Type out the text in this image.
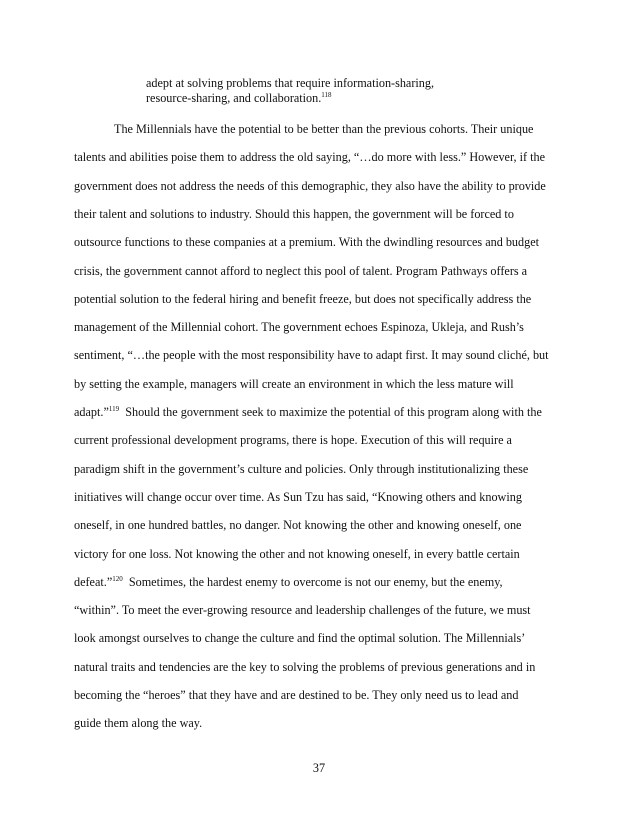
adept at solving problems that require information-sharing,
resource-sharing, and collaboration.$^{118}$
The Millennials have the potential to be better than the previous cohorts. Their unique
talents and abilities poise them to address the old saying, “…do more with less.” However, if the
government does not address the needs of this demographic, they also have the ability to provide
their talent and solutions to industry. Should this happen, the government will be forced to
outsource functions to these companies at a premium. With the dwindling resources and budget
crisis, the government cannot afford to neglect this pool of talent. Program Pathways offers a
potential solution to the federal hiring and benefit freeze, but does not specifically address the
management of the Millennial cohort. The government echoes Espinoza, Ukleja, and Rush’s
sentiment, “…the people with the most responsibility have to adapt first. It may sound cliché, but
by setting the example, managers will create an environment in which the less mature will
adapt.”$^{119}$  Should the government seek to maximize the potential of this program along with the
current professional development programs, there is hope. Execution of this will require a
paradigm shift in the government’s culture and policies. Only through institutionalizing these
initiatives will change occur over time. As Sun Tzu has said, “Knowing others and knowing
oneself, in one hundred battles, no danger. Not knowing the other and knowing oneself, one
victory for one loss. Not knowing the other and not knowing oneself, in every battle certain
defeat.”$^{120}$  Sometimes, the hardest enemy to overcome is not our enemy, but the enemy,
“within”. To meet the ever-growing resource and leadership challenges of the future, we must
look amongst ourselves to change the culture and find the optimal solution. The Millennials’
natural traits and tendencies are the key to solving the problems of previous generations and in
becoming the “heroes” that they have and are destined to be. They only need us to lead and
guide them along the way.
37
